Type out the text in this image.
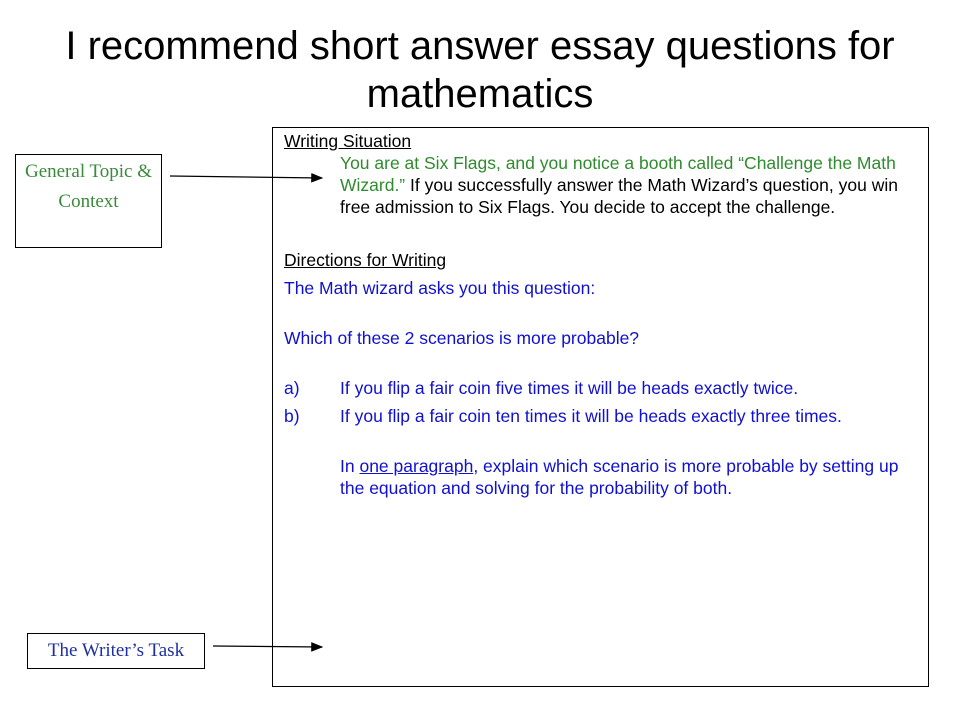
I recommend short answer essay questions for mathematics
Writing Situation
You are at Six Flags, and you notice a booth called “Challenge the Math Wizard.” If you successfully answer the Math Wizard’s question, you win free admission to Six Flags. You decide to accept the challenge.
Directions for Writing
The Math wizard asks you this question:
Which of these 2 scenarios is more probable?
a) If you flip a fair coin five times it will be heads exactly twice.
b) If you flip a fair coin ten times it will be heads exactly three times.
In one paragraph, explain which scenario is more probable by setting up the equation and solving for the probability of both.
General Topic & Context
The Writer’s Task
